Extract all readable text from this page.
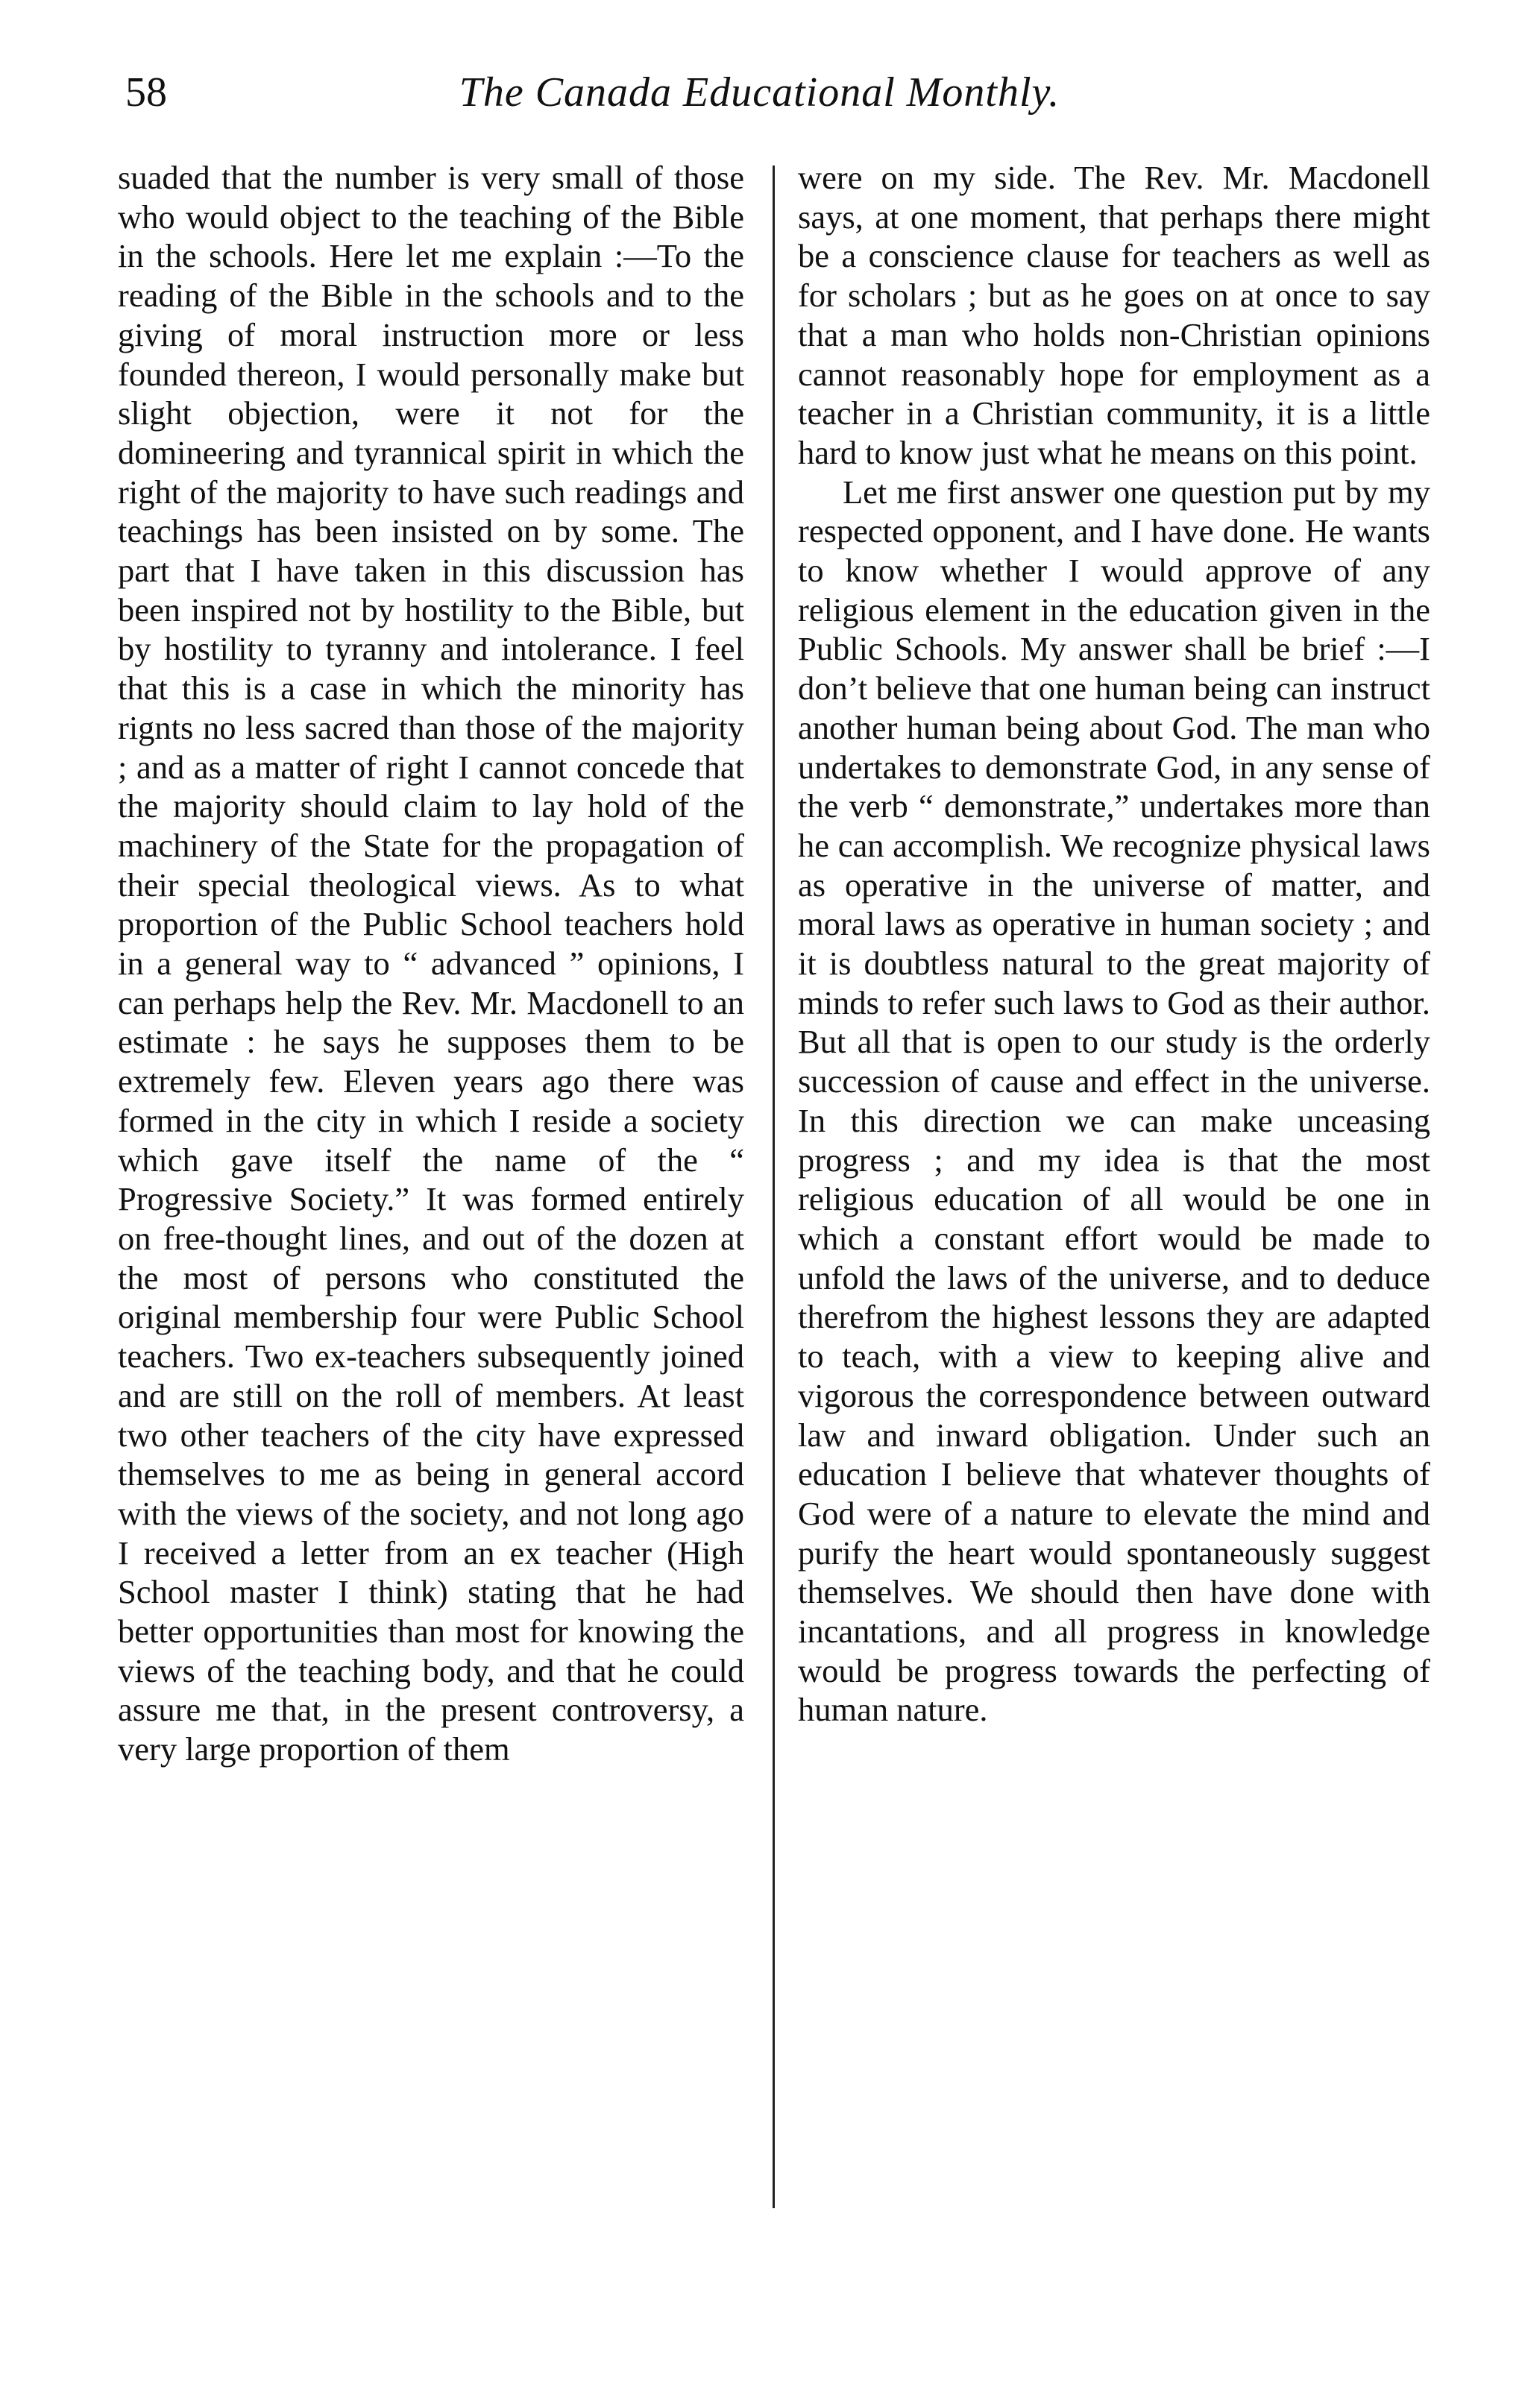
58	The Canada Educational Monthly.

suaded that the number is very small of those who would object to the teaching of the Bible in the schools. Here let me explain :—To the reading of the Bible in the schools and to the giving of moral instruction more or less founded thereon, I would personally make but slight objection, were it not for the domineering and tyrannical spirit in which the right of the majority to have such readings and teachings has been insisted on by some. The part that I have taken in this discussion has been inspired not by hostility to the Bible, but by hostility to tyranny and intolerance. I feel that this is a case in which the minority has rignts no less sacred than those of the majority ; and as a matter of right I cannot concede that the majority should claim to lay hold of the machinery of the State for the propagation of their special theological views. As to what proportion of the Public School teachers hold in a general way to “ advanced ” opinions, I can perhaps help the Rev. Mr. Macdonell to an estimate : he says he supposes them to be extremely few. Eleven years ago there was formed in the city in which I reside a society which gave itself the name of the “ Progressive Society.” It was formed entirely on free-thought lines, and out of the dozen at the most of persons who constituted the original membership four were Public School teachers. Two ex-teachers subsequently joined and are still on the roll of members. At least two other teachers of the city have expressed themselves to me as being in general accord with the views of the society, and not long ago I received a letter from an ex teacher (High School master I think) stating that he had better opportunities than most for knowing the views of the teaching body, and that he could assure me that, in the present controversy, a very large proportion of them

were on my side. The Rev. Mr. Macdonell says, at one moment, that perhaps there might be a conscience clause for teachers as well as for scholars ; but as he goes on at once to say that a man who holds non-Christian opinions cannot reasonably hope for employment as a teacher in a Christian community, it is a little hard to know just what he means on this point.

Let me first answer one question put by my respected opponent, and I have done. He wants to know whether I would approve of any religious element in the education given in the Public Schools. My answer shall be brief :—I don’t believe that one human being can instruct another human being about God. The man who undertakes to demonstrate God, in any sense of the verb “ demonstrate,” undertakes more than he can accomplish. We recognize physical laws as operative in the universe of matter, and moral laws as operative in human society ; and it is doubtless natural to the great majority of minds to refer such laws to God as their author. But all that is open to our study is the orderly succession of cause and effect in the universe. In this direction we can make unceasing progress ; and my idea is that the most religious education of all would be one in which a constant effort would be made to unfold the laws of the universe, and to deduce therefrom the highest lessons they are adapted to teach, with a view to keeping alive and vigorous the correspondence between outward law and inward obligation. Under such an education I believe that whatever thoughts of God were of a nature to elevate the mind and purify the heart would spontaneously suggest themselves. We should then have done with incantations, and all progress in knowledge would be progress towards the perfecting of human nature.
